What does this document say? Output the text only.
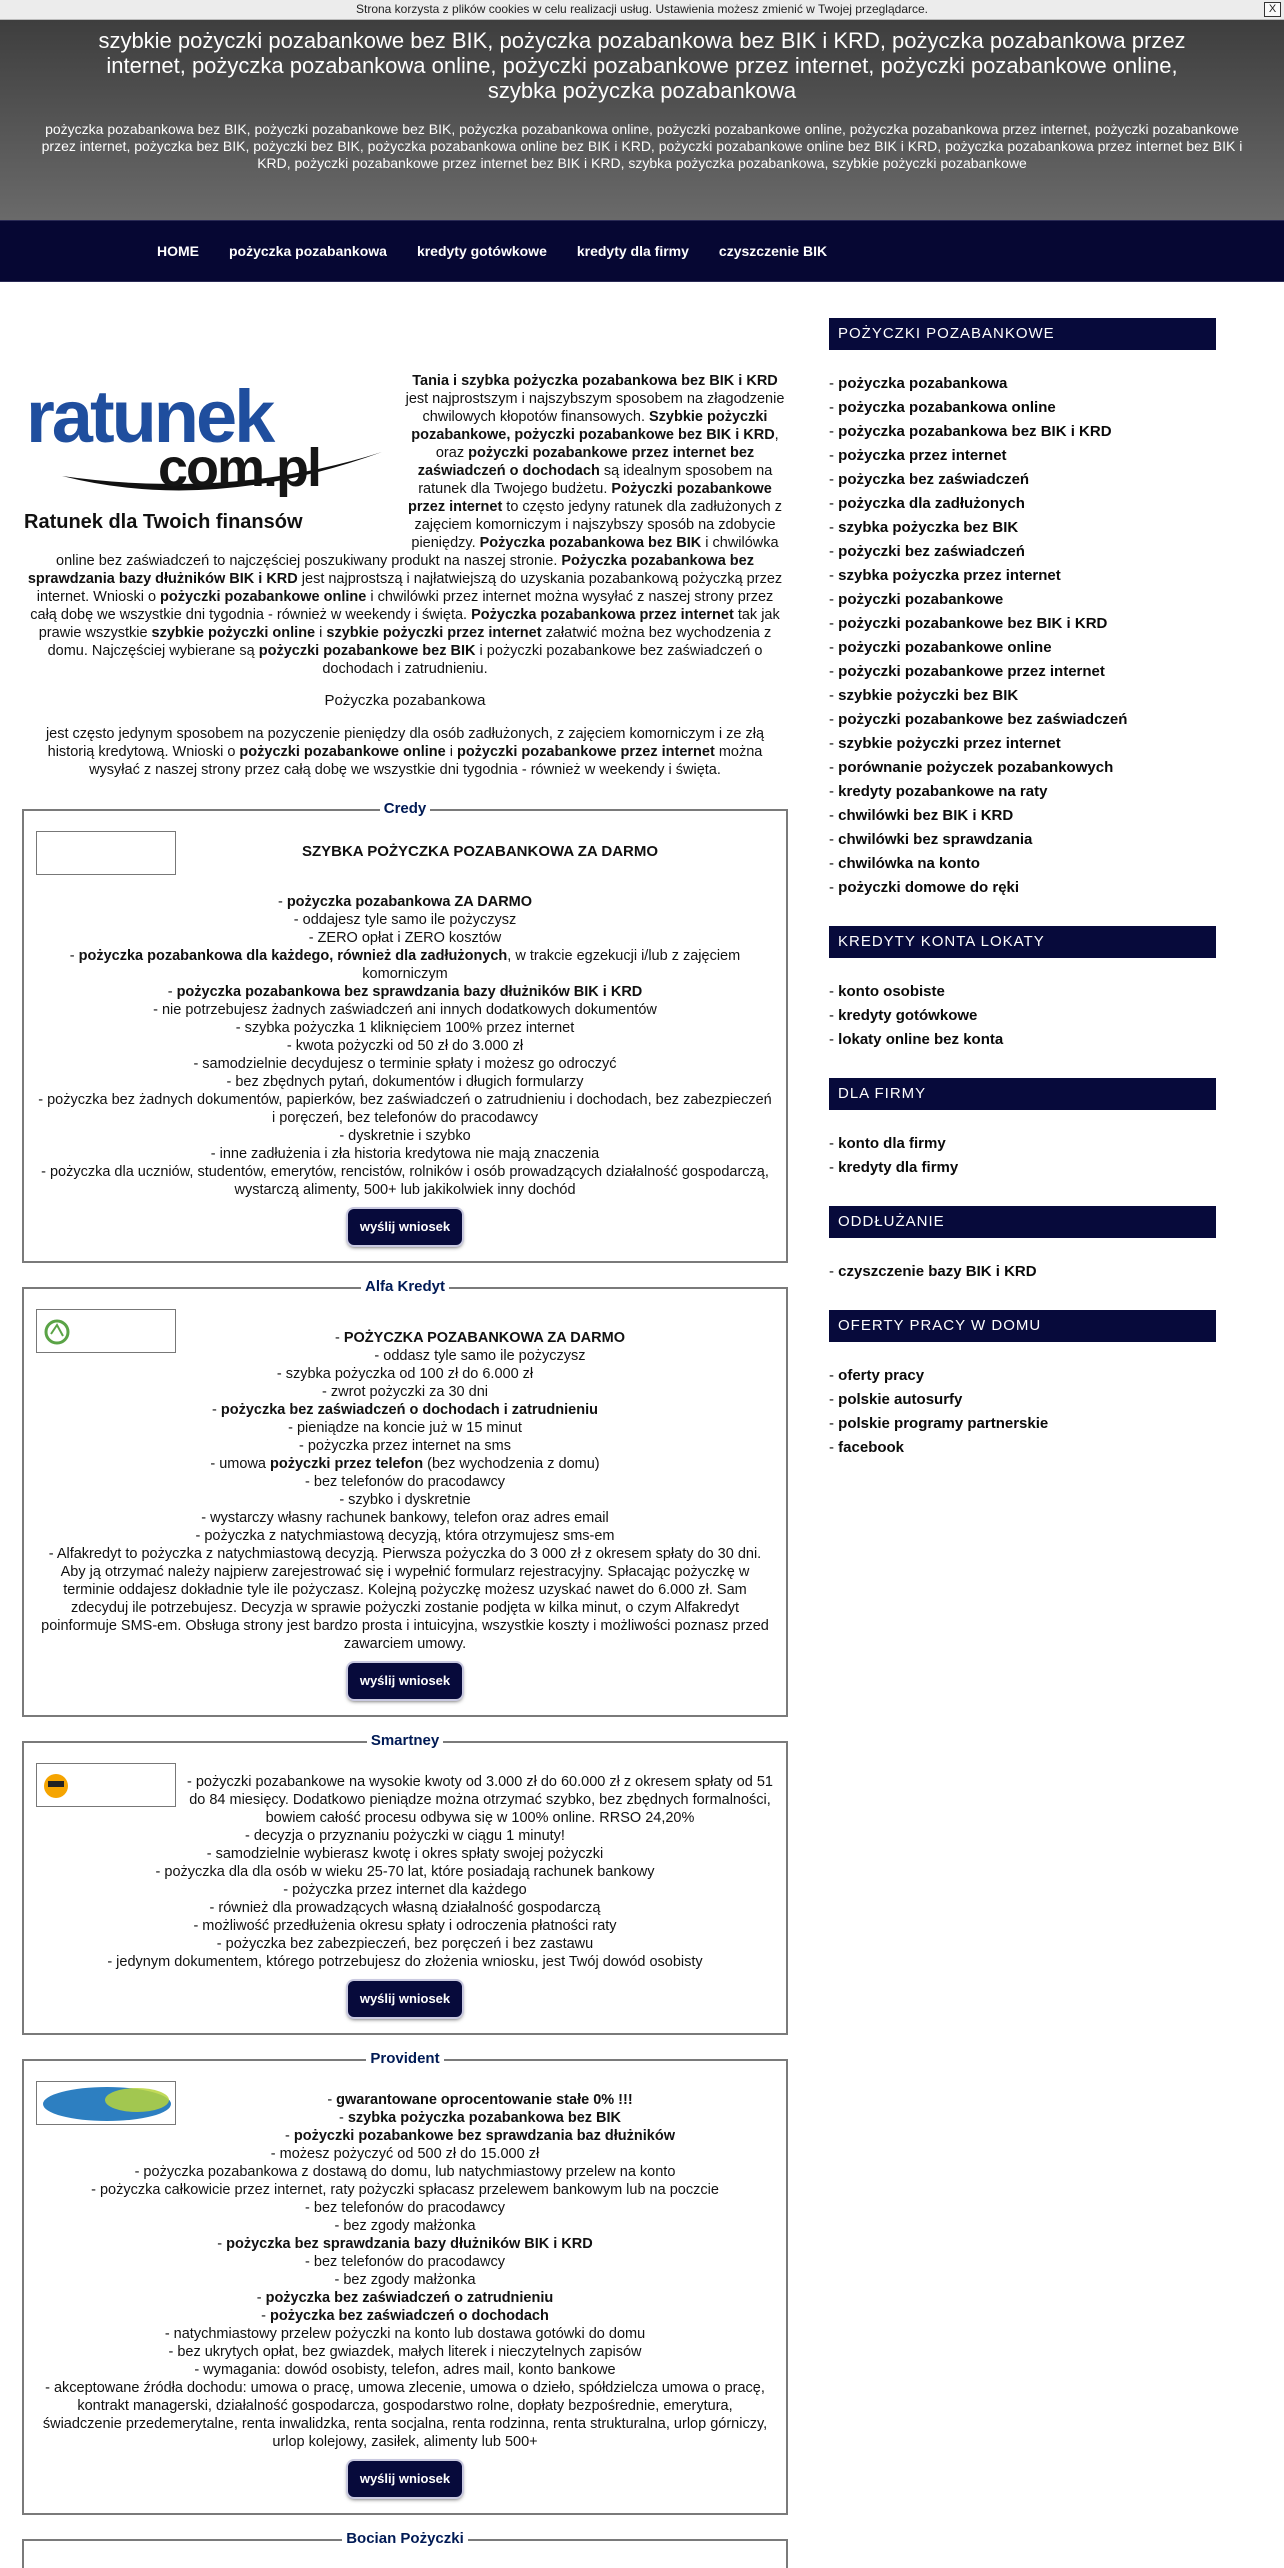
Strona korzysta z plików cookies w celu realizacji usług. Ustawienia możesz zmienić w Twojej przeglądarce.	X
szybkie pożyczki pozabankowe bez BIK, pożyczka pozabankowa bez BIK i KRD, pożyczka pozabankowa przez internet, pożyczka pozabankowa online, pożyczki pozabankowe przez internet, pożyczki pozabankowe online, szybka pożyczka pozabankowa

pożyczka pozabankowa bez BIK, pożyczki pozabankowe bez BIK, pożyczka pozabankowa online, pożyczki pozabankowe online, pożyczka pozabankowa przez internet, pożyczki pozabankowe przez internet, pożyczka bez BIK, pożyczki bez BIK, pożyczka pozabankowa online bez BIK i KRD, pożyczki pozabankowe online bez BIK i KRD, pożyczka pozabankowa przez internet bez BIK i KRD, pożyczki pozabankowe przez internet bez BIK i KRD, szybka pożyczka pozabankowa, szybkie pożyczki pozabankowe

HOME pożyczka pozabankowa kredyty gotówkowe kredyty dla firmy czyszczenie BIK
ratunek
com.pl
Ratunek dla Twoich finansów

Tania i szybka pożyczka pozabankowa bez BIK i KRD jest najprostszym i najszybszym sposobem na złagodzenie chwilowych kłopotów finansowych. Szybkie pożyczki pozabankowe, pożyczki pozabankowe bez BIK i KRD, oraz pożyczki pozabankowe przez internet bez zaświadczeń o dochodach są idealnym sposobem na ratunek dla Twojego budżetu. Pożyczki pozabankowe przez internet to często jedyny ratunek dla zadłużonych z zajęciem komorniczym i najszybszy sposób na zdobycie pieniędzy. Pożyczka pozabankowa bez BIK i chwilówka online bez zaświadczeń to najczęściej poszukiwany produkt na naszej stronie. Pożyczka pozabankowa bez sprawdzania bazy dłużników BIK i KRD jest najprostszą i najłatwiejszą do uzyskania pozabankową pożyczką przez internet. Wnioski o pożyczki pozabankowe online i chwilówki przez internet można wysyłać z naszej strony przez całą dobę we wszystkie dni tygodnia - również w weekendy i święta. Pożyczka pozabankowa przez internet tak jak prawie wszystkie szybkie pożyczki online i szybkie pożyczki przez internet załatwić można bez wychodzenia z domu. Najczęściej wybierane są pożyczki pozabankowe bez BIK i pożyczki pozabankowe bez zaświadczeń o dochodach i zatrudnieniu.

Pożyczka pozabankowa

jest często jedynym sposobem na pozyczenie pieniędzy dla osób zadłużonych, z zajęciem komorniczym i ze złą historią kredytową. Wnioski o pożyczki pozabankowe online i pożyczki pozabankowe przez internet można wysyłać z naszej strony przez całą dobę we wszystkie dni tygodnia - również w weekendy i święta.

Credy
SZYBKA POŻYCZKA POZABANKOWA ZA DARMO
- pożyczka pozabankowa ZA DARMO
- oddajesz tyle samo ile pożyczysz
- ZERO opłat i ZERO kosztów
- pożyczka pozabankowa dla każdego, również dla zadłużonych, w trakcie egzekucji i/lub z zajęciem komorniczym
- pożyczka pozabankowa bez sprawdzania bazy dłużników BIK i KRD
- nie potrzebujesz żadnych zaświadczeń ani innych dodatkowych dokumentów
- szybka pożyczka 1 kliknięciem 100% przez internet
- kwota pożyczki od 50 zł do 3.000 zł
- samodzielnie decydujesz o terminie spłaty i możesz go odroczyć
- bez zbędnych pytań, dokumentów i długich formularzy
- pożyczka bez żadnych dokumentów, papierków, bez zaświadczeń o zatrudnieniu i dochodach, bez zabezpieczeń i poręczeń, bez telefonów do pracodawcy
- dyskretnie i szybko
- inne zadłużenia i zła historia kredytowa nie mają znaczenia
- pożyczka dla uczniów, studentów, emerytów, rencistów, rolników i osób prowadzących działalność gospodarczą, wystarczą alimenty, 500+ lub jakikolwiek inny dochód
wyślij wniosek
Alfa Kredyt
- POŻYCZKA POZABANKOWA ZA DARMO
- oddasz tyle samo ile pożyczysz
- szybka pożyczka od 100 zł do 6.000 zł
- zwrot pożyczki za 30 dni
- pożyczka bez zaświadczeń o dochodach i zatrudnieniu
- pieniądze na koncie już w 15 minut
- pożyczka przez internet na sms
- umowa pożyczki przez telefon (bez wychodzenia z domu)
- bez telefonów do pracodawcy
- szybko i dyskretnie
- wystarczy własny rachunek bankowy, telefon oraz adres email
- pożyczka z natychmiastową decyzją, która otrzymujesz sms-em
- Alfakredyt to pożyczka z natychmiastową decyzją. Pierwsza pożyczka do 3 000 zł z okresem spłaty do 30 dni. Aby ją otrzymać należy najpierw zarejestrować się i wypełnić formularz rejestracyjny. Spłacając pożyczkę w terminie oddajesz dokładnie tyle ile pożyczasz. Kolejną pożyczkę możesz uzyskać nawet do 6.000 zł. Sam zdecyduj ile potrzebujesz. Decyzja w sprawie pożyczki zostanie podjęta w kilka minut, o czym Alfakredyt poinformuje SMS-em. Obsługa strony jest bardzo prosta i intuicyjna, wszystkie koszty i możliwości poznasz przed zawarciem umowy.
wyślij wniosek
Smartney
- pożyczki pozabankowe na wysokie kwoty od 3.000 zł do 60.000 zł z okresem spłaty od 51 do 84 miesięcy. Dodatkowo pieniądze można otrzymać szybko, bez zbędnych formalności, bowiem całość procesu odbywa się w 100% online. RRSO 24,20%
- decyzja o przyznaniu pożyczki w ciągu 1 minuty!
- samodzielnie wybierasz kwotę i okres spłaty swojej pożyczki
- pożyczka dla dla osób w wieku 25-70 lat, które posiadają rachunek bankowy
- pożyczka przez internet dla każdego
- również dla prowadzących własną działalność gospodarczą
- możliwość przedłużenia okresu spłaty i odroczenia płatności raty
- pożyczka bez zabezpieczeń, bez poręczeń i bez zastawu
- jedynym dokumentem, którego potrzebujesz do złożenia wniosku, jest Twój dowód osobisty
wyślij wniosek
Provident
- gwarantowane oprocentowanie stałe 0% !!!
- szybka pożyczka pozabankowa bez BIK
- pożyczki pozabankowe bez sprawdzania baz dłużników
- możesz pożyczyć od 500 zł do 15.000 zł
- pożyczka pozabankowa z dostawą do domu, lub natychmiastowy przelew na konto
- pożyczka całkowicie przez internet, raty pożyczki spłacasz przelewem bankowym lub na poczcie
- bez telefonów do pracodawcy
- bez zgody małżonka
- pożyczka bez sprawdzania bazy dłużników BIK i KRD
- bez telefonów do pracodawcy
- bez zgody małżonka
- pożyczka bez zaświadczeń o zatrudnieniu
- pożyczka bez zaświadczeń o dochodach
- natychmiastowy przelew pożyczki na konto lub dostawa gotówki do domu
- bez ukrytych opłat, bez gwiazdek, małych literek i nieczytelnych zapisów
- wymagania: dowód osobisty, telefon, adres mail, konto bankowe
- akceptowane źródła dochodu: umowa o pracę, umowa zlecenie, umowa o dzieło, spółdzielcza umowa o pracę, kontrakt managerski, działalność gospodarcza, gospodarstwo rolne, dopłaty bezpośrednie, emerytura, świadczenie przedemerytalne, renta inwalidzka, renta socjalna, renta rodzinna, renta strukturalna, urlop górniczy, urlop kolejowy, zasiłek, alimenty lub 500+
wyślij wniosek
Bocian Pożyczki
POŻYCZKI POZABANKOWE
- pożyczka pozabankowa
- pożyczka pozabankowa online
- pożyczka pozabankowa bez BIK i KRD
- pożyczka przez internet
- pożyczka bez zaświadczeń
- pożyczka dla zadłużonych
- szybka pożyczka bez BIK
- pożyczki bez zaświadczeń
- szybka pożyczka przez internet
- pożyczki pozabankowe
- pożyczki pozabankowe bez BIK i KRD
- pożyczki pozabankowe online
- pożyczki pozabankowe przez internet
- szybkie pożyczki bez BIK
- pożyczki pozabankowe bez zaświadczeń
- szybkie pożyczki przez internet
- porównanie pożyczek pozabankowych
- kredyty pozabankowe na raty
- chwilówki bez BIK i KRD
- chwilówki bez sprawdzania
- chwilówka na konto
- pożyczki domowe do ręki
KREDYTY KONTA LOKATY
- konto osobiste
- kredyty gotówkowe
- lokaty online bez konta
DLA FIRMY
- konto dla firmy
- kredyty dla firmy
ODDŁUŻANIE
- czyszczenie bazy BIK i KRD
OFERTY PRACY W DOMU
- oferty pracy
- polskie autosurfy
- polskie programy partnerskie
- facebook
